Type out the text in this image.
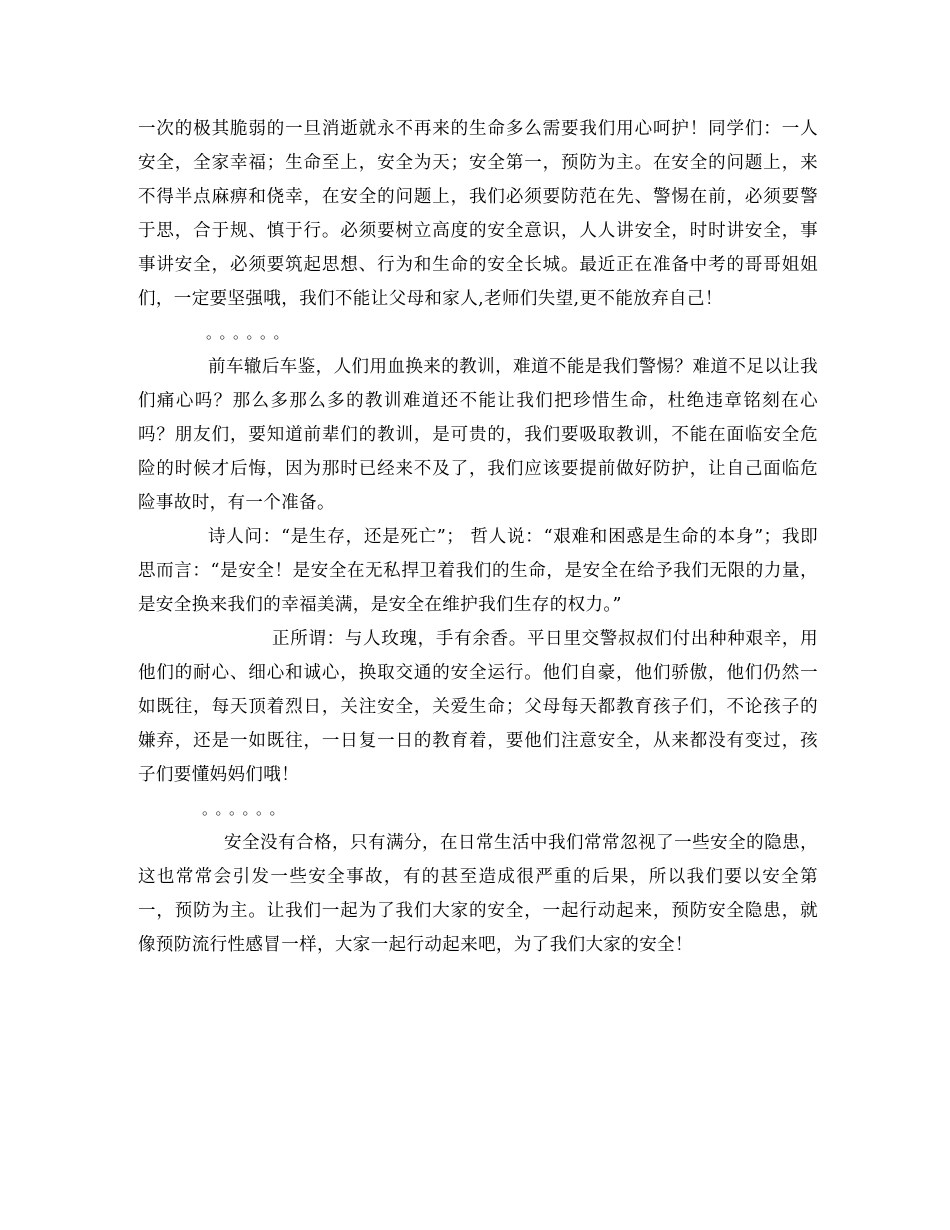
一次的极其脆弱的一旦消逝就永不再来的生命多么需要我们用心呵护！同学们：一人安全，全家幸福；生命至上，安全为天；安全第一，预防为主。在安全的问题上，来不得半点麻痹和侥幸，在安全的问题上，我们必须要防范在先、警惕在前，必须要警于思，合于规、慎于行。必须要树立高度的安全意识，人人讲安全，时时讲安全，事事讲安全，必须要筑起思想、行为和生命的安全长城。最近正在准备中考的哥哥姐姐们，一定要坚强哦，我们不能让父母和家人,老师们失望,更不能放弃自己！

。。。。。。

前车辙后车鉴，人们用血换来的教训，难道不能是我们警惕？难道不足以让我们痛心吗？那么多那么多的教训难道还不能让我们把珍惜生命，杜绝违章铭刻在心吗？朋友们，要知道前辈们的教训，是可贵的，我们要吸取教训，不能在面临安全危险的时候才后悔，因为那时已经来不及了，我们应该要提前做好防护，让自己面临危险事故时，有一个准备。

诗人问：“是生存，还是死亡”； 哲人说：“艰难和困惑是生命的本身”；我即思而言：“是安全！是安全在无私捍卫着我们的生命，是安全在给予我们无限的力量，是安全换来我们的幸福美满，是安全在维护我们生存的权力。”

正所谓：与人玫瑰，手有余香。平日里交警叔叔们付出种种艰辛，用他们的耐心、细心和诚心，换取交通的安全运行。他们自豪，他们骄傲，他们仍然一如既往，每天顶着烈日，关注安全，关爱生命；父母每天都教育孩子们，不论孩子的嫌弃，还是一如既往，一日复一日的教育着，要他们注意安全，从来都没有变过，孩子们要懂妈妈们哦！

。。。。。。

安全没有合格，只有满分，在日常生活中我们常常忽视了一些安全的隐患，这也常常会引发一些安全事故，有的甚至造成很严重的后果，所以我们要以安全第一，预防为主。让我们一起为了我们大家的安全，一起行动起来，预防安全隐患，就像预防流行性感冒一样，大家一起行动起来吧，为了我们大家的安全！
